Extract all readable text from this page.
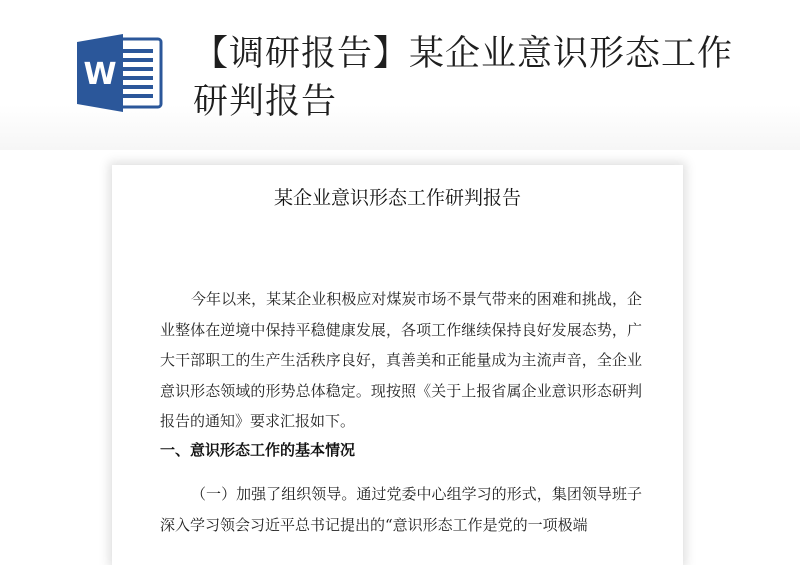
W
【调研报告】某企业意识形态工作研判报告
某企业意识形态工作研判报告

今年以来，某某企业积极应对煤炭市场不景气带来的困难和挑战，企业整体在逆境中保持平稳健康发展，各项工作继续保持良好发展态势，广大干部职工的生产生活秩序良好，真善美和正能量成为主流声音，全企业意识形态领域的形势总体稳定。现按照《关于上报省属企业意识形态研判报告的通知》要求汇报如下。

一、意识形态工作的基本情况

（一）加强了组织领导。通过党委中心组学习的形式，集团领导班子深入学习领会习近平总书记提出的“意识形态工作是党的一项极端
